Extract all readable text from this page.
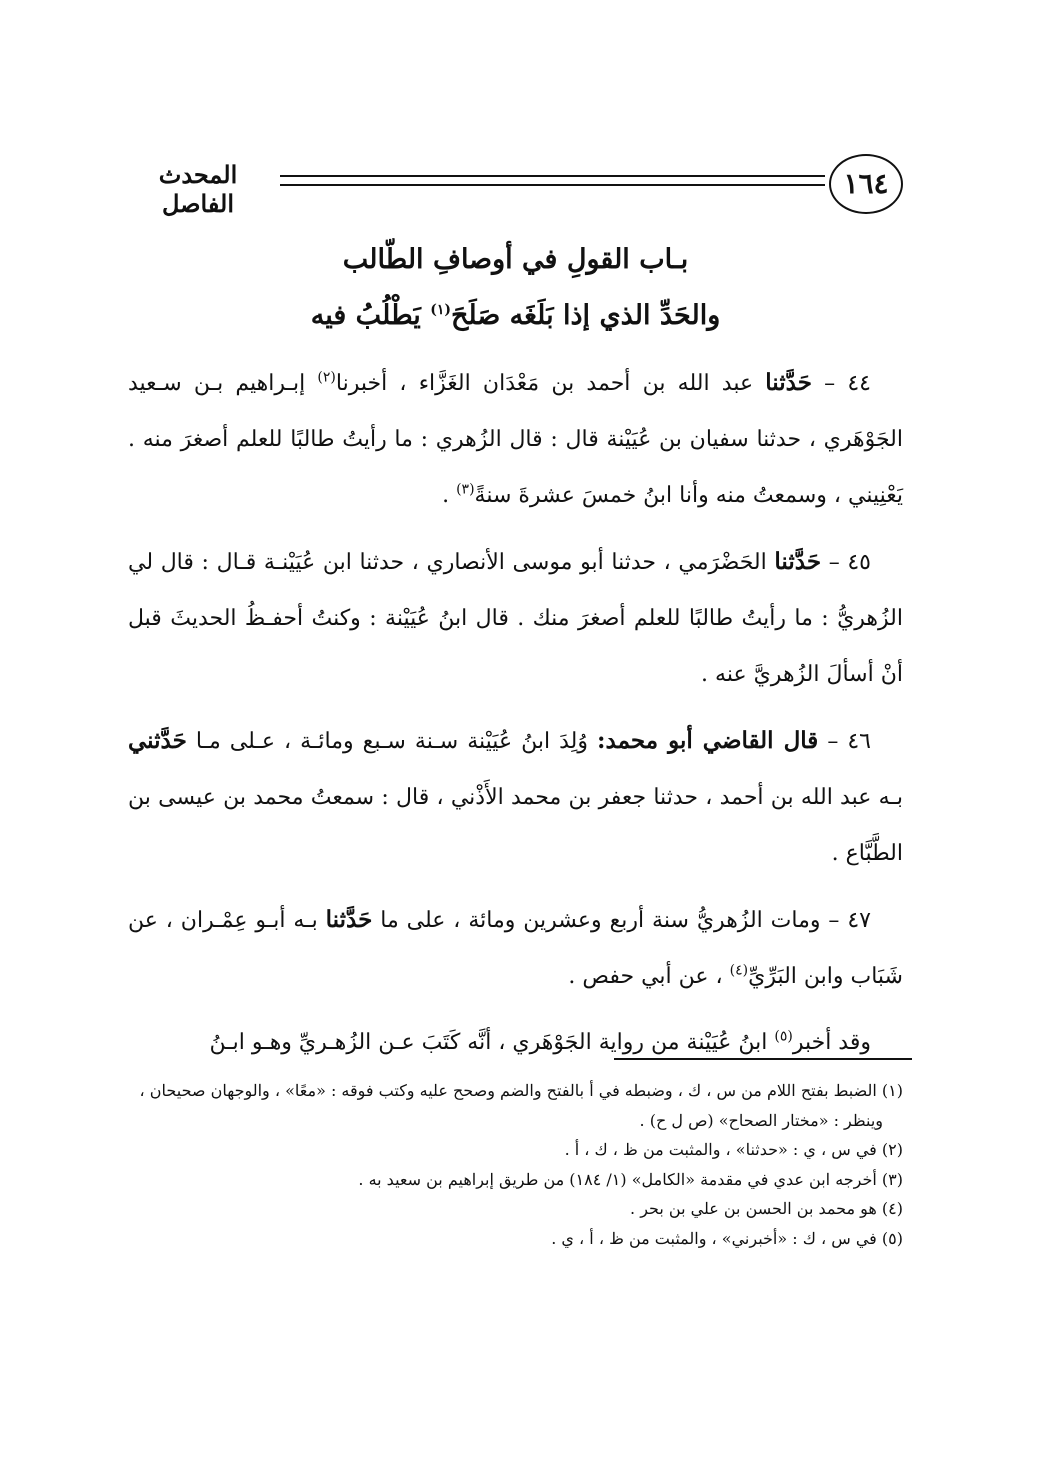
١٦٤
المحدث الفاصل
بـاب القولِ في أوصافِ الطّالب
والحَدِّ الذي إذا بَلَغَه صَلَحَ$^{(١)}$ يَطْلُبُ فيه

٤٤ – حَدَّثنا عبد الله بن أحمد بن مَعْدَان الغَزَّاء ، أخبرنا$^{(٢)}$ إبـراهيم بـن سـعيد الجَوْهَري ، حدثنا سفيان بن عُيَيْنة قال : قال الزُهري : ما رأيتُ طالبًا للعلم أصغرَ منه . يَعْنِيني ، وسمعتُ منه وأنا ابنُ خمسَ عشرةَ سنةً$^{(٣)}$ .

٤٥ – حَدَّثنا الحَضْرَمي ، حدثنا أبو موسى الأنصاري ، حدثنا ابن عُيَيْنـة قـال : قال لي الزُهريُّ : ما رأيتُ طالبًا للعلم أصغرَ منك . قال ابنُ عُيَيْنة : وكنتُ أحفـظُ الحديثَ قبل أنْ أسألَ الزُهريَّ عنه .

٤٦ – قال القاضي أبو محمد: وُلِدَ ابنُ عُيَيْنة سـنة سـبع ومائـة ، عـلى مـا حَدَّثني بـه عبد الله بن أحمد ، حدثنا جعفر بن محمد الأَذْني ، قال : سمعتُ محمد بن عيسى بن الطَّبَّاع .

٤٧ – ومات الزُهريُّ سنة أربع وعشرين ومائة ، على ما حَدَّثنا بـه أبـو عِمْـران ، عن شَبَاب وابن البَرِّيِّ$^{(٤)}$ ، عن أبي حفص .

وقد أخبر$^{(٥)}$ ابنُ عُيَيْنة من رواية الجَوْهَري ، أنَّه كَتَبَ عـن الزُهـريِّ وهـو ابـنُ

(١) الضبط بفتح اللام من س ، ك ، وضبطه في أ بالفتح والضم وصحح عليه وكتب فوقه : «معًا» ، والوجهان صحيحان ، وينظر : «مختار الصحاح» (ص ل ح) .

(٢) في س ، ي : «حدثنا» ، والمثبت من ظ ، ك ، أ .

(٣) أخرجه ابن عدي في مقدمة «الكامل» (١/ ١٨٤) من طريق إبراهيم بن سعيد به .

(٤) هو محمد بن الحسن بن علي بن بحر .

(٥) في س ، ك : «أخبرني» ، والمثبت من ظ ، أ ، ي .
